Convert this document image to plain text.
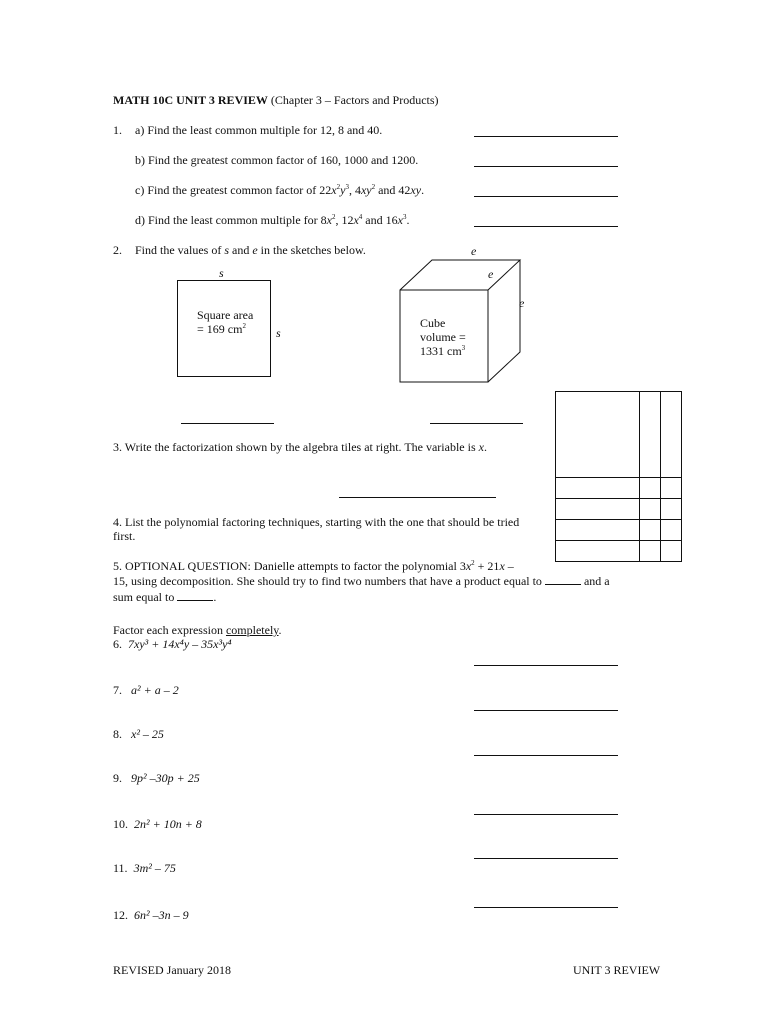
MATH 10C UNIT 3 REVIEW (Chapter 3 – Factors and Products)
1. a) Find the least common multiple for 12, 8 and 40.
b) Find the greatest common factor of 160, 1000 and 1200.
c) Find the greatest common factor of $22x^2y^3$, $4xy^2$ and 42xy.
d) Find the least common multiple for $8x^2$, $12x^4$ and $16x^3$.
2. Find the values of s and e in the sketches below.
s
s
Square area
= 169 $cm^2$
e
e
e
Cube
volume =
1331 $cm^3$
3. Write the factorization shown by the algebra tiles at right. The variable is x.
4. List the polynomial factoring techniques, starting with the one that should be tried
first.
5. OPTIONAL QUESTION: Danielle attempts to factor the polynomial $3x^2 + 21x$ –
15, using decomposition. She should try to find two numbers that have a product equal to	and a
sum equal to	.
Factor each expression completely.
6. 7xy³ + 14x⁴y – 35x³y⁴
7. a² + a – 2
8. x² – 25
9. 9p² –30p + 25
10. 2n² + 10n + 8
11. 3m² – 75
12. 6n² –3n – 9
REVISED January 2018	UNIT 3 REVIEW
